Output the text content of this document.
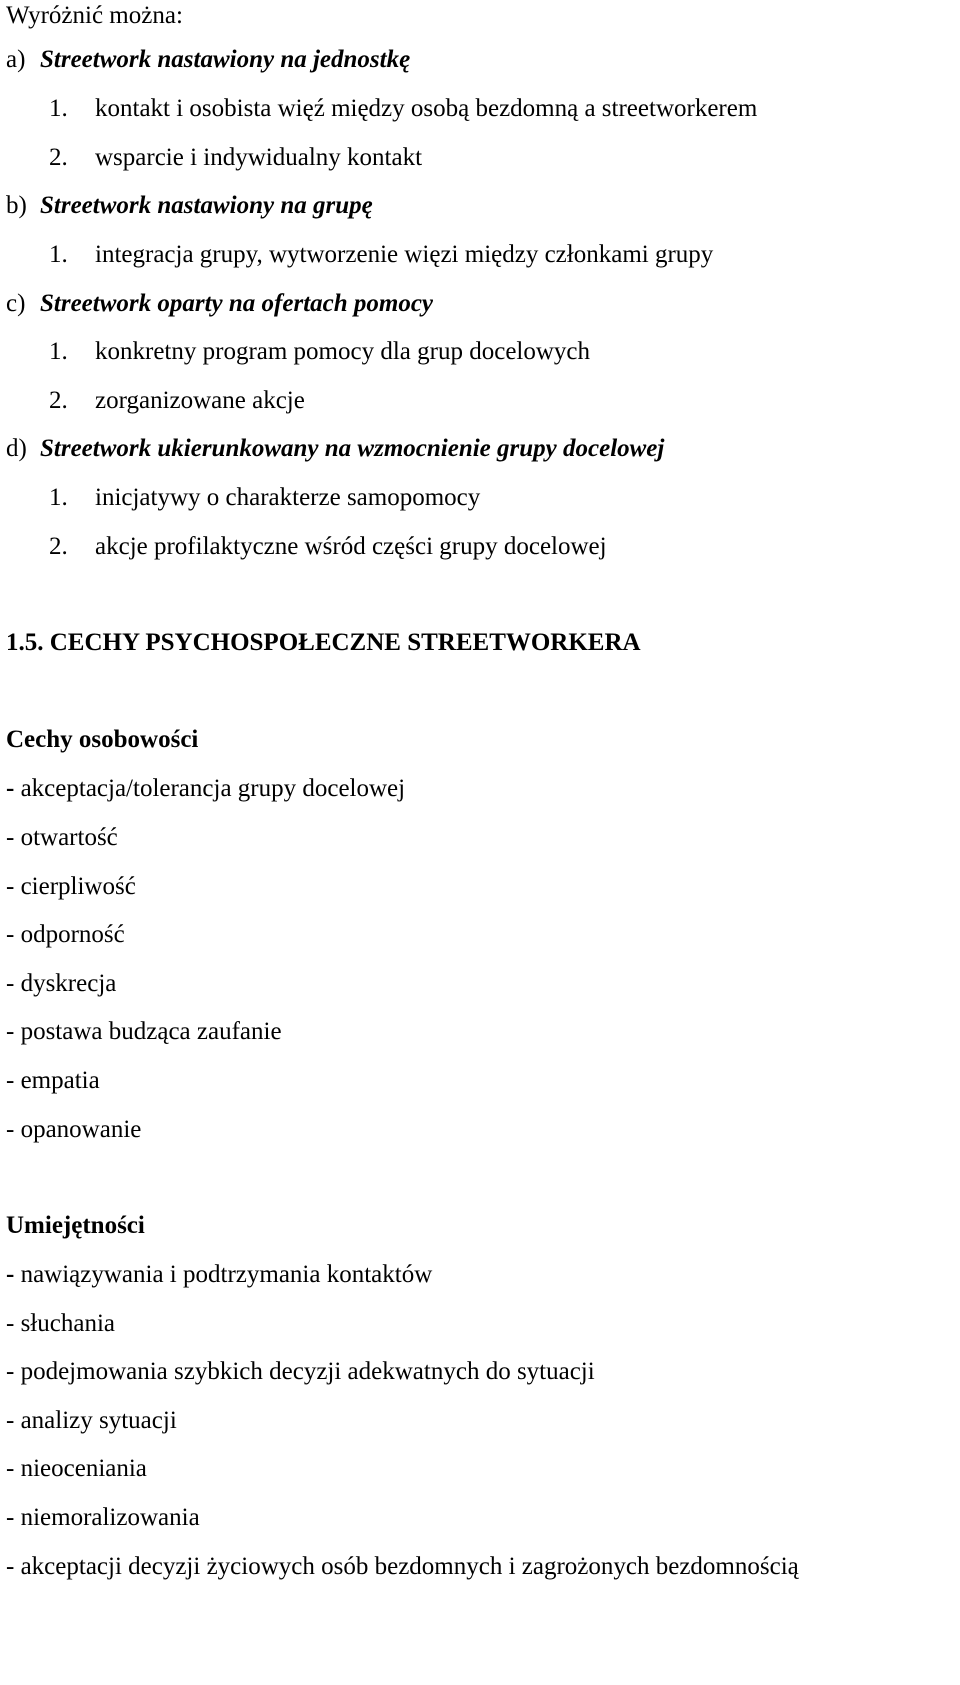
Wyróżnić można:
a) Streetwork nastawiony na jednostkę
1. kontakt i osobista więź między osobą bezdomną a streetworkerem
2. wsparcie i indywidualny kontakt
b) Streetwork nastawiony na grupę
1. integracja grupy, wytworzenie więzi między członkami grupy
c) Streetwork oparty na ofertach pomocy
1. konkretny program pomocy dla grup docelowych
2. zorganizowane akcje
d) Streetwork ukierunkowany na wzmocnienie grupy docelowej
1. inicjatywy o charakterze samopomocy
2. akcje profilaktyczne wśród części grupy docelowej
1.5. CECHY PSYCHOSPOŁECZNE STREETWORKERA
Cechy osobowości
- akceptacja/tolerancja grupy docelowej
- otwartość
- cierpliwość
- odporność
- dyskrecja
- postawa budząca zaufanie
- empatia
- opanowanie
Umiejętności
- nawiązywania i podtrzymania kontaktów
- słuchania
- podejmowania szybkich decyzji adekwatnych do sytuacji
- analizy sytuacji
- nieoceniania
- niemoralizowania
- akceptacji decyzji życiowych osób bezdomnych i zagrożonych bezdomnością
